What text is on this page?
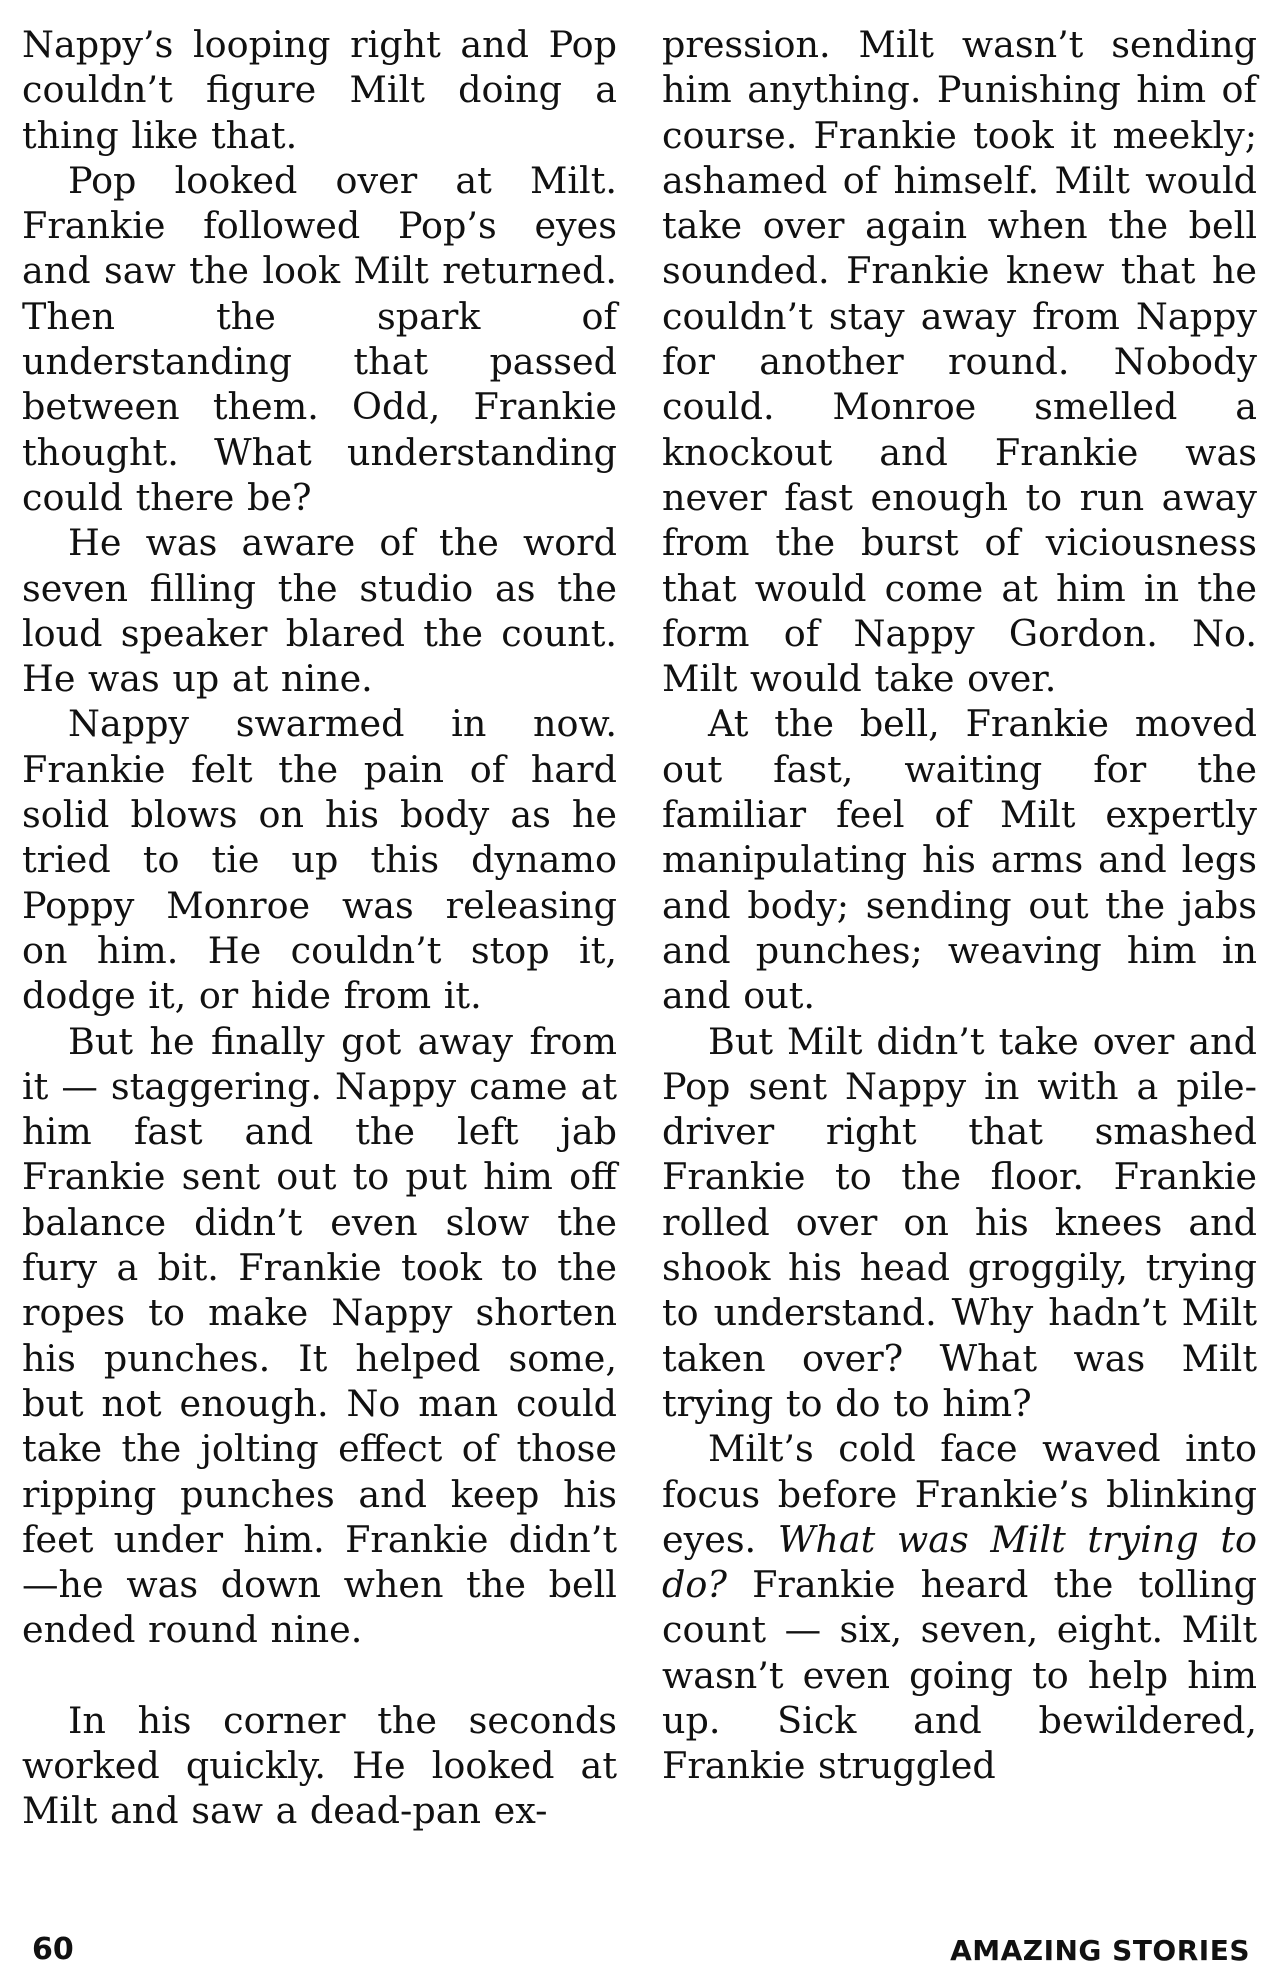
Nappy’s looping right and Pop couldn’t figure Milt doing a thing like that.

Pop looked over at Milt. Frankie followed Pop’s eyes and saw the look Milt returned. Then the spark of understanding that passed between them. Odd, Frankie thought. What understanding could there be?

He was aware of the word seven filling the studio as the loud speaker blared the count. He was up at nine.

Nappy swarmed in now. Frankie felt the pain of hard solid blows on his body as he tried to tie up this dynamo Poppy Monroe was releasing on him. He couldn’t stop it, dodge it, or hide from it.

But he finally got away from it — staggering. Nappy came at him fast and the left jab Frankie sent out to put him off balance didn’t even slow the fury a bit. Frankie took to the ropes to make Nappy shorten his punches. It helped some, but not enough. No man could take the jolting effect of those ripping punches and keep his feet under him. Frankie didn’t—he was down when the bell ended round nine.

In his corner the seconds worked quickly. He looked at Milt and saw a dead-pan ex-

pression. Milt wasn’t sending him anything. Punishing him of course. Frankie took it meekly; ashamed of himself. Milt would take over again when the bell sounded. Frankie knew that he couldn’t stay away from Nappy for another round. Nobody could. Monroe smelled a knockout and Frankie was never fast enough to run away from the burst of viciousness that would come at him in the form of Nappy Gordon. No. Milt would take over.

At the bell, Frankie moved out fast, waiting for the familiar feel of Milt expertly manipulating his arms and legs and body; sending out the jabs and punches; weaving him in and out.

But Milt didn’t take over and Pop sent Nappy in with a pile-driver right that smashed Frankie to the floor. Frankie rolled over on his knees and shook his head groggily, trying to understand. Why hadn’t Milt taken over? What was Milt trying to do to him?

Milt’s cold face waved into focus before Frankie’s blinking eyes. What was Milt trying to do? Frankie heard the tolling count — six, seven, eight. Milt wasn’t even going to help him up. Sick and bewildered, Frankie struggled

60	AMAZING STORIES
